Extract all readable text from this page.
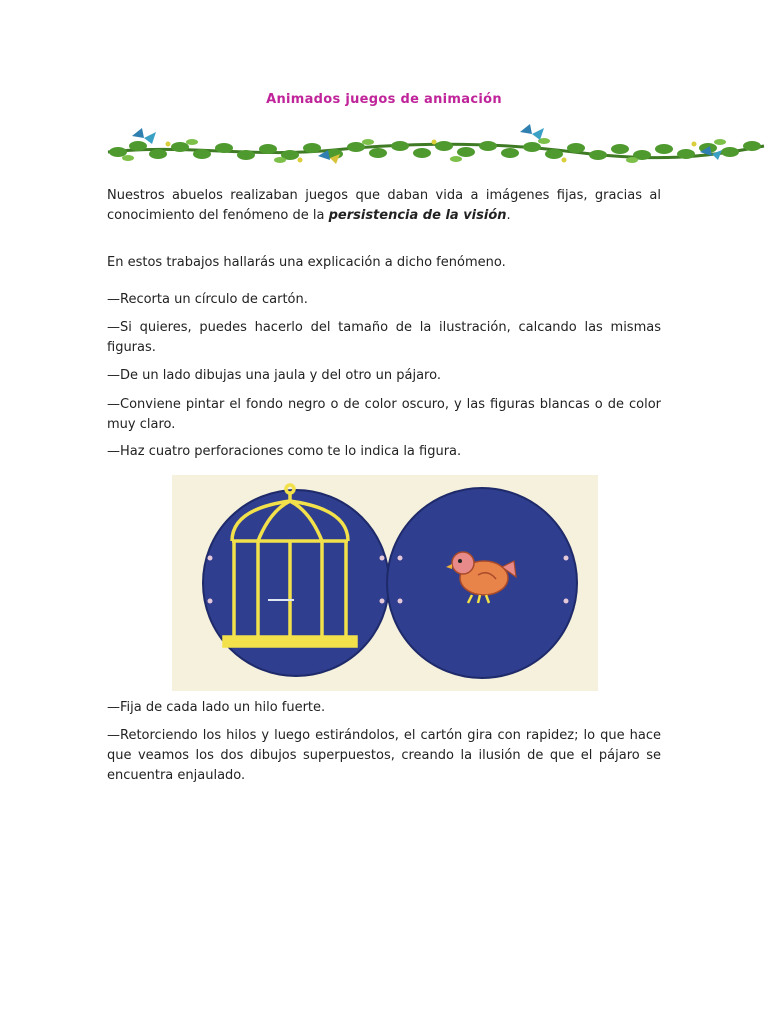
Animados juegos de animación

Nuestros abuelos realizaban juegos que daban vida a imágenes fijas, gracias al conocimiento del fenómeno de la persistencia de la visión.

En estos trabajos hallarás una explicación a dicho fenómeno.

—Recorta un círculo de cartón.

—Si quieres, puedes hacerlo del tamaño de la ilustración, calcando las mismas figuras.

—De un lado dibujas una jaula y del otro un pájaro.

—Conviene pintar el fondo negro o de color oscuro, y las figuras blancas o de color muy claro.

—Haz cuatro perforaciones como te lo indica la figura.

—Fija de cada lado un hilo fuerte.

—Retorciendo los hilos y luego estirándolos, el cartón gira con rapidez; lo que hace que veamos los dos dibujos superpuestos, creando la ilusión de que el pájaro se encuentra enjaulado.
